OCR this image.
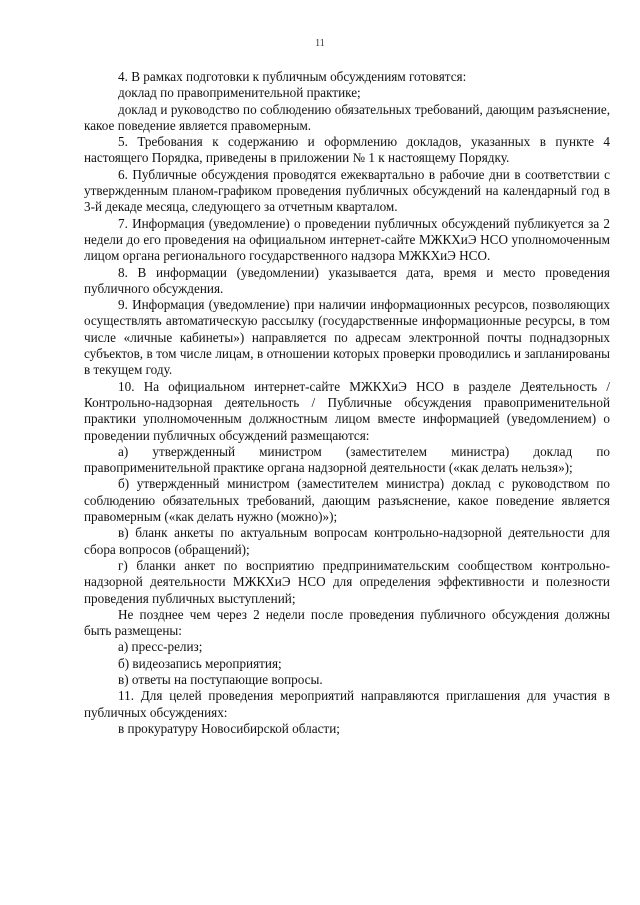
11

4. В рамках подготовки к публичным обсуждениям готовятся:

доклад по правоприменительной практике;

доклад и руководство по соблюдению обязательных требований, дающим разъяснение, какое поведение является правомерным.

5. Требования к содержанию и оформлению докладов, указанных в пункте 4 настоящего Порядка, приведены в приложении № 1 к настоящему Порядку.

6. Публичные обсуждения проводятся ежеквартально в рабочие дни в соответствии с утвержденным планом-графиком проведения публичных обсуждений на календарный год в 3-й декаде месяца, следующего за отчетным кварталом.

7. Информация (уведомление) о проведении публичных обсуждений публикуется за 2 недели до его проведения на официальном интернет-сайте МЖКХиЭ НСО уполномоченным лицом органа регионального государственного надзора МЖКХиЭ НСО.

8. В информации (уведомлении) указывается дата, время и место проведения публичного обсуждения.

9. Информация (уведомление) при наличии информационных ресурсов, позволяющих осуществлять автоматическую рассылку (государственные информационные ресурсы, в том числе «личные кабинеты») направляется по адресам электронной почты поднадзорных субъектов, в том числе лицам, в отношении которых проверки проводились и запланированы в текущем году.

10. На официальном интернет-сайте МЖКХиЭ НСО в разделе Деятельность / Контрольно-надзорная деятельность / Публичные обсуждения правоприменительной практики уполномоченным должностным лицом вместе информацией (уведомлением) о проведении публичных обсуждений размещаются:

а) утвержденный министром (заместителем министра) доклад по правоприменительной практике органа надзорной деятельности («как делать нельзя»);

б) утвержденный министром (заместителем министра) доклад с руководством по соблюдению обязательных требований, дающим разъяснение, какое поведение является правомерным («как делать нужно (можно)»);

в) бланк анкеты по актуальным вопросам контрольно-надзорной деятельности для сбора вопросов (обращений);

г) бланки анкет по восприятию предпринимательским сообществом контрольно-надзорной деятельности МЖКХиЭ НСО для определения эффективности и полезности проведения публичных выступлений;

Не позднее чем через 2 недели после проведения публичного обсуждения должны быть размещены:

а) пресс-релиз;

б) видеозапись мероприятия;

в) ответы на поступающие вопросы.

11. Для целей проведения мероприятий направляются приглашения для участия в публичных обсуждениях:

в прокуратуру Новосибирской области;
